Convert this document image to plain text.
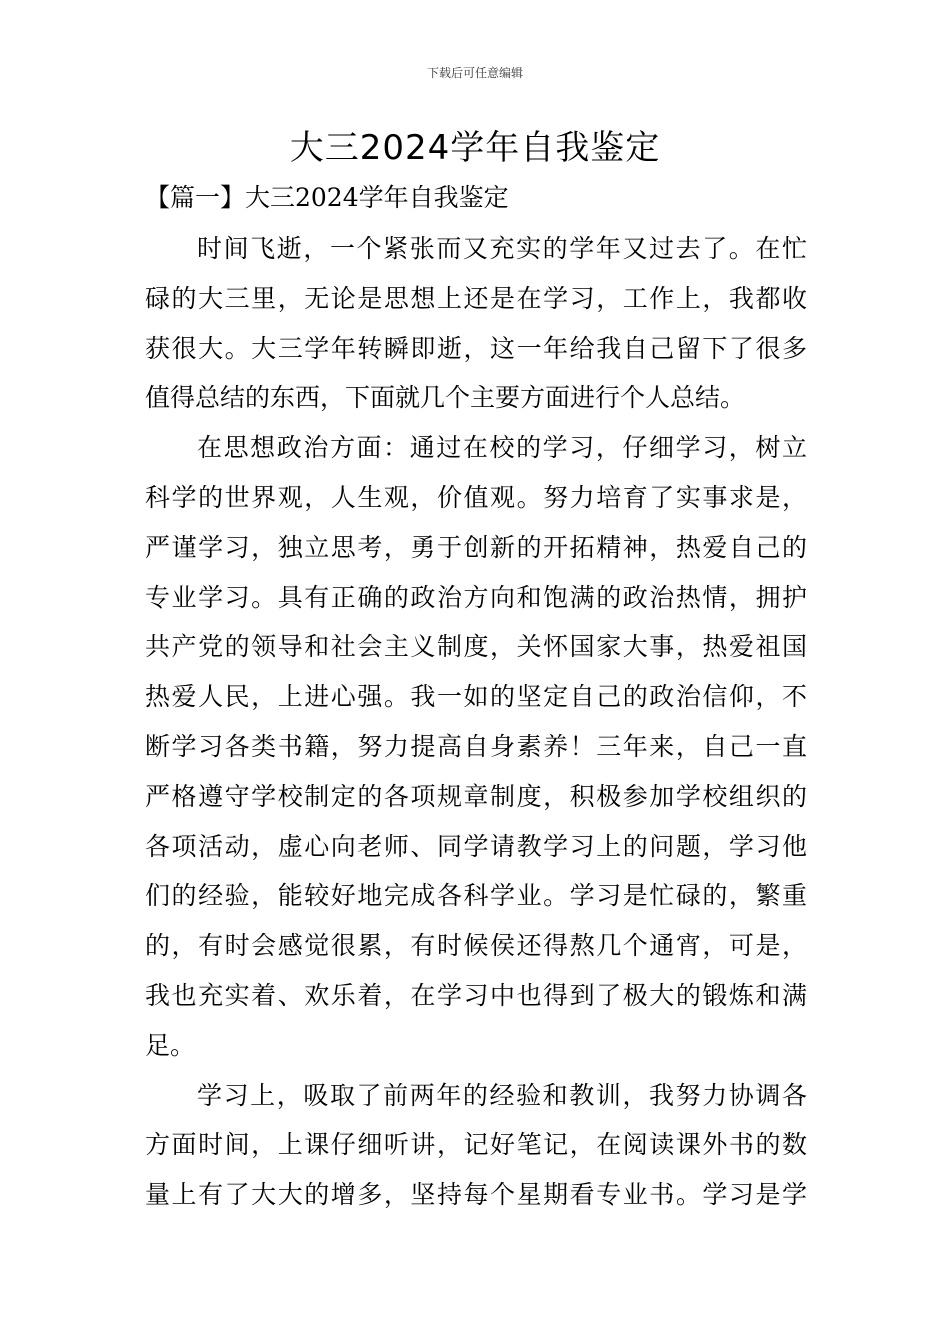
下载后可任意编辑
大三2024学年自我鉴定
【篇一】大三2024学年自我鉴定
时间飞逝，一个紧张而又充实的学年又过去了。在忙
碌的大三里，无论是思想上还是在学习，工作上，我都收
获很大。大三学年转瞬即逝，这一年给我自己留下了很多
值得总结的东西，下面就几个主要方面进行个人总结。
在思想政治方面：通过在校的学习，仔细学习，树立
科学的世界观，人生观，价值观。努力培育了实事求是，
严谨学习，独立思考，勇于创新的开拓精神，热爱自己的
专业学习。具有正确的政治方向和饱满的政治热情，拥护
共产党的领导和社会主义制度，关怀国家大事，热爱祖国
热爱人民，上进心强。我一如的坚定自己的政治信仰，不
断学习各类书籍，努力提高自身素养！三年来，自己一直
严格遵守学校制定的各项规章制度，积极参加学校组织的
各项活动，虚心向老师、同学请教学习上的问题，学习他
们的经验，能较好地完成各科学业。学习是忙碌的，繁重
的，有时会感觉很累，有时候侯还得熬几个通宵，可是，
我也充实着、欢乐着，在学习中也得到了极大的锻炼和满
足。
学习上，吸取了前两年的经验和教训，我努力协调各
方面时间，上课仔细听讲，记好笔记，在阅读课外书的数
量上有了大大的增多，坚持每个星期看专业书。学习是学
